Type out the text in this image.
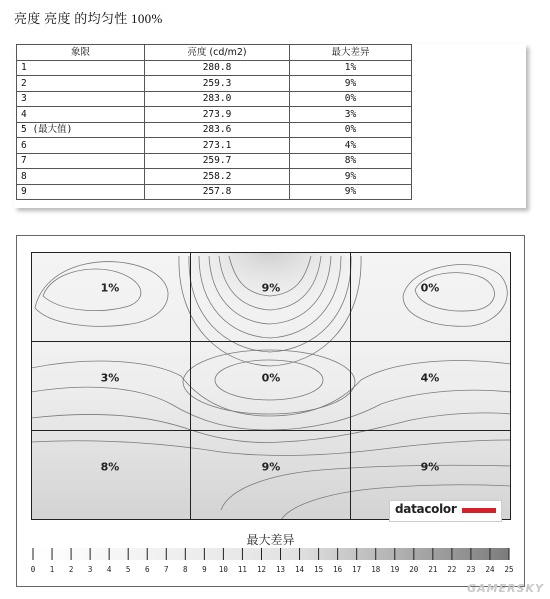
亮度 亮度 的均匀性 100%
象限	亮度 (cd/m2)	最大差异
1	280.8	1%
2	259.3	9%
3	283.0	0%
4	273.9	3%
5 (最大值)	283.6	0%
6	273.1	4%
7	259.7	8%
8	258.2	9%
9	257.8	9%
1%	9%	0%
3%	0%	4%
8%	9%	9%
datacolor
最大差异
0 1 2 3 4 5 6 7 8 9 10 11 12 13 14 15 16 17 18 19 20 21 22 23 24 25
GAMERSKY
